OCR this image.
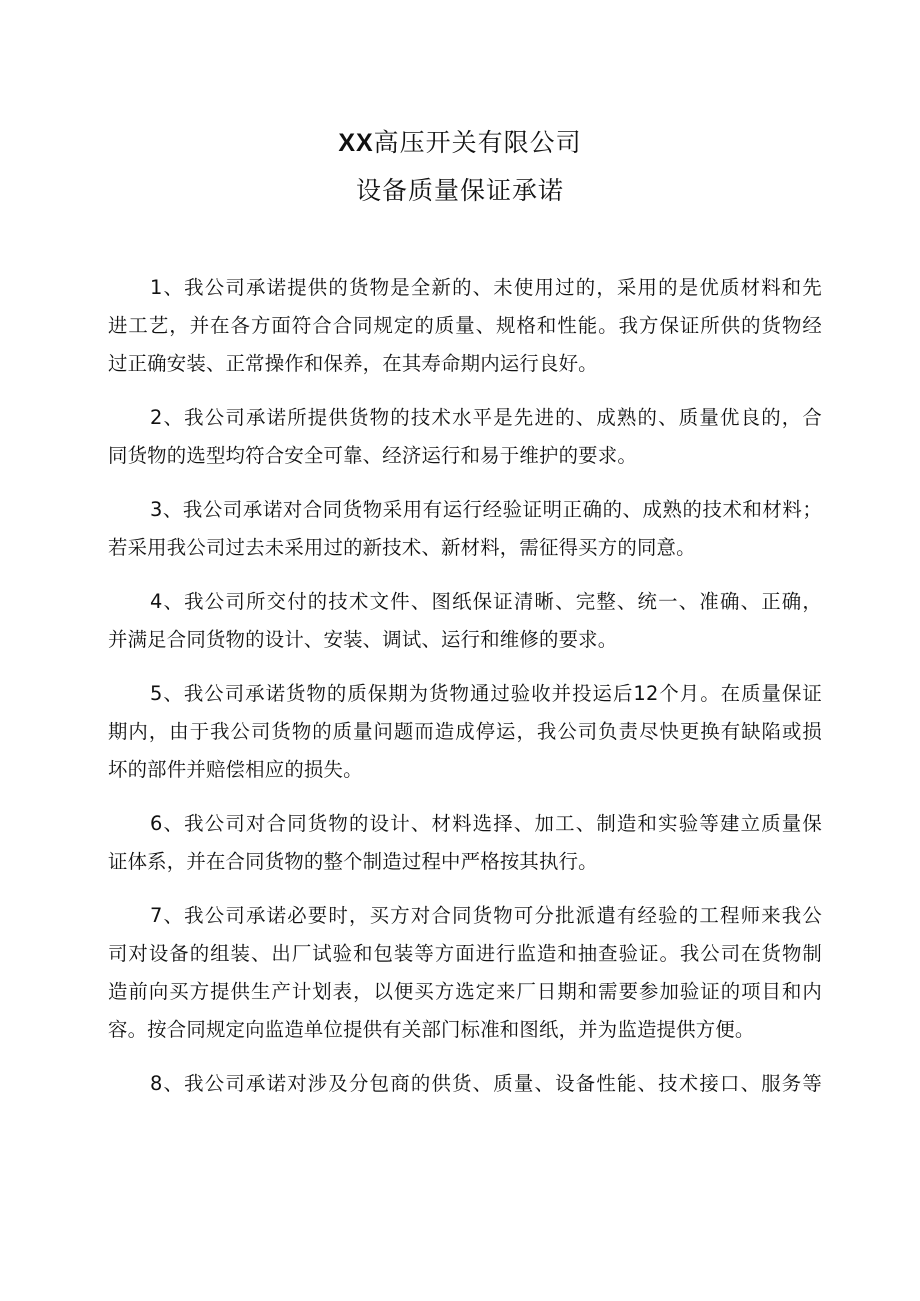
XX高压开关有限公司
设备质量保证承诺
1、我公司承诺提供的货物是全新的、未使用过的，采用的是优质材料和先
进工艺，并在各方面符合合同规定的质量、规格和性能。我方保证所供的货物经
过正确安装、正常操作和保养，在其寿命期内运行良好。
2、我公司承诺所提供货物的技术水平是先进的、成熟的、质量优良的，合
同货物的选型均符合安全可靠、经济运行和易于维护的要求。
3、我公司承诺对合同货物采用有运行经验证明正确的、成熟的技术和材料；
若采用我公司过去未采用过的新技术、新材料，需征得买方的同意。
4、我公司所交付的技术文件、图纸保证清晰、完整、统一、准确、正确，
并满足合同货物的设计、安装、调试、运行和维修的要求。
5、我公司承诺货物的质保期为货物通过验收并投运后12个月。在质量保证
期内，由于我公司货物的质量问题而造成停运，我公司负责尽快更换有缺陷或损
坏的部件并赔偿相应的损失。
6、我公司对合同货物的设计、材料选择、加工、制造和实验等建立质量保
证体系，并在合同货物的整个制造过程中严格按其执行。
7、我公司承诺必要时，买方对合同货物可分批派遣有经验的工程师来我公
司对设备的组装、出厂试验和包装等方面进行监造和抽查验证。我公司在货物制
造前向买方提供生产计划表，以便买方选定来厂日期和需要参加验证的项目和内
容。按合同规定向监造单位提供有关部门标准和图纸，并为监造提供方便。
8、我公司承诺对涉及分包商的供货、质量、设备性能、技术接口、服务等
